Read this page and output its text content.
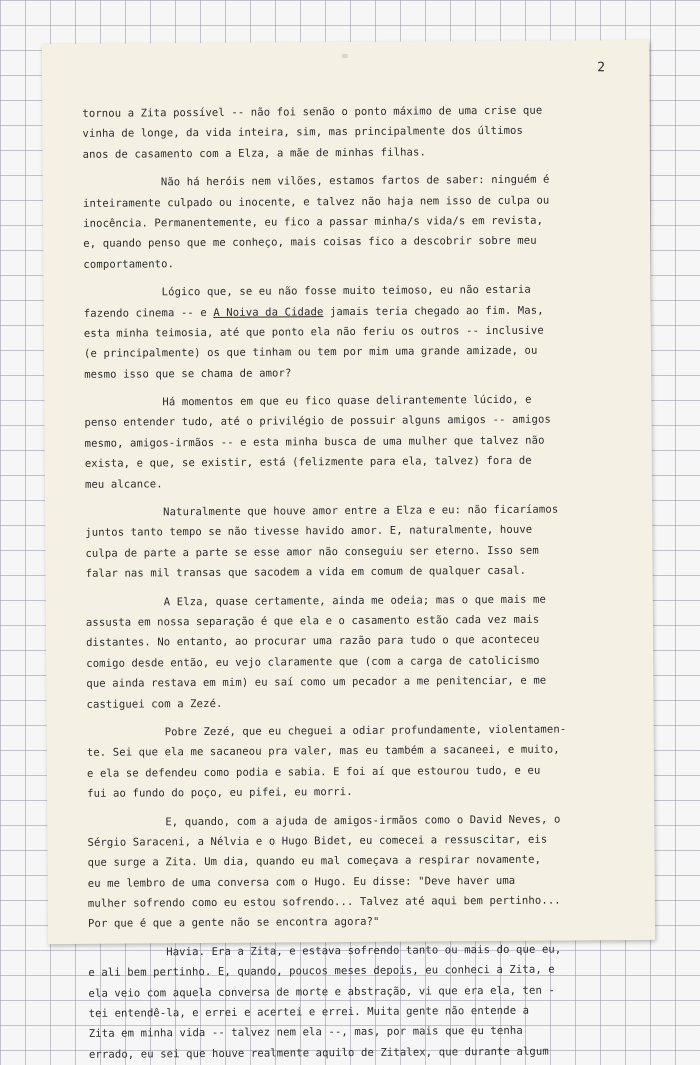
2
tornou a Zita possível -- não foi senão o ponto máximo de uma crise que
vinha de longe, da vida inteira, sim, mas principalmente dos últimos
anos de casamento com a Elza, a mãe de minhas filhas.
Não há heróis nem vilões, estamos fartos de saber: ninguém é
inteiramente culpado ou inocente, e talvez não haja nem isso de culpa ou
inocência. Permanentemente, eu fico a passar minha/s vida/s em revista,
e, quando penso que me conheço, mais coisas fico a descobrir sobre meu
comportamento.
Lógico que, se eu não fosse muito teimoso, eu não estaria
fazendo cinema -- e A Noiva da Cidade jamais teria chegado ao fim. Mas,
esta minha teimosia, até que ponto ela não feriu os outros -- inclusive
(e principalmente) os que tinham ou tem por mim uma grande amizade, ou
mesmo isso que se chama de amor?
Há momentos em que eu fico quase delirantemente lúcido, e
penso entender tudo, até o privilégio de possuir alguns amigos -- amigos
mesmo, amigos-irmãos -- e esta minha busca de uma mulher que talvez não
exista, e que, se existir, está (felizmente para ela, talvez) fora de
meu alcance.
Naturalmente que houve amor entre a Elza e eu: não ficaríamos
juntos tanto tempo se não tivesse havido amor. E, naturalmente, houve
culpa de parte a parte se esse amor não conseguiu ser eterno. Isso sem
falar nas mil transas que sacodem a vida em comum de qualquer casal.
A Elza, quase certamente, ainda me odeia; mas o que mais me
assusta em nossa separação é que ela e o casamento estão cada vez mais
distantes. No entanto, ao procurar uma razão para tudo o que aconteceu
comigo desde então, eu vejo claramente que (com a carga de catolicismo
que ainda restava em mim) eu saí como um pecador a me penitenciar, e me
castiguei com a Zezé.
Pobre Zezé, que eu cheguei a odiar profundamente, violentamen-
te. Sei que ela me sacaneou pra valer, mas eu também a sacaneei, e muito,
e ela se defendeu como podia e sabia. E foi aí que estourou tudo, e eu
fui ao fundo do poço, eu pifei, eu morri.
E, quando, com a ajuda de amigos-irmãos como o David Neves, o
Sérgio Saraceni, a Nélvia e o Hugo Bidet, eu comecei a ressuscitar, eis
que surge a Zita. Um dia, quando eu mal começava a respirar novamente,
eu me lembro de uma conversa com o Hugo. Eu disse: "Deve haver uma
mulher sofrendo como eu estou sofrendo... Talvez até aqui bem pertinho...
Por que é que a gente não se encontra agora?"
Havia. Era a Zita, e estava sofrendo tanto ou mais do que eu,
e ali bem pertinho. E, quando, poucos meses depois, eu conheci a Zita, e
ela veio com aquela conversa de morte e abstração, vi que era ela, ten -
tei entendê-la, e errei e acertei e errei. Muita gente não entende a
Zita em minha vida -- talvez nem ela --, mas, por mais que eu tenha
errado, eu sei que houve realmente aquilo de Zitalex, que durante algum
